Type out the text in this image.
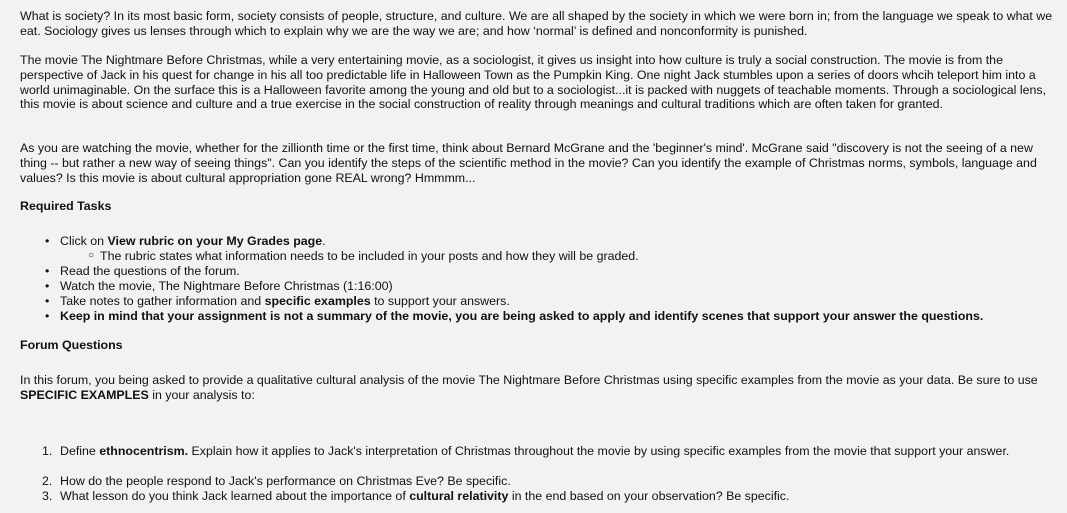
What is society? In its most basic form, society consists of people, structure, and culture. We are all shaped by the society in which we were born in; from the language we speak to what we eat. Sociology gives us lenses through which to explain why we are the way we are; and how ‘normal’ is defined and nonconformity is punished.

The movie The Nightmare Before Christmas, while a very entertaining movie, as a sociologist, it gives us insight into how culture is truly a social construction. The movie is from the perspective of Jack in his quest for change in his all too predictable life in Halloween Town as the Pumpkin King. One night Jack stumbles upon a series of doors whcih teleport him into a world unimaginable. On the surface this is a Halloween favorite among the young and old but to a sociologist...it is packed with nuggets of teachable moments. Through a sociological lens, this movie is about science and culture and a true exercise in the social construction of reality through meanings and cultural traditions which are often taken for granted.

As you are watching the movie, whether for the zillionth time or the first time, think about Bernard McGrane and the 'beginner's mind'. McGrane said "discovery is not the seeing of a new thing -- but rather a new way of seeing things". Can you identify the steps of the scientific method in the movie? Can you identify the example of Christmas norms, symbols, language and values? Is this movie is about cultural appropriation gone REAL wrong? Hmmmm...

Required Tasks

• Click on View rubric on your My Grades page.

○ The rubric states what information needs to be included in your posts and how they will be graded.

• Read the questions of the forum.

• Watch the movie, The Nightmare Before Christmas (1:16:00)

• Take notes to gather information and specific examples to support your answers.

• Keep in mind that your assignment is not a summary of the movie, you are being asked to apply and identify scenes that support your answer the questions.

Forum Questions

In this forum, you being asked to provide a qualitative cultural analysis of the movie The Nightmare Before Christmas using specific examples from the movie as your data. Be sure to use SPECIFIC EXAMPLES in your analysis to:

1. Define ethnocentrism. Explain how it applies to Jack's interpretation of Christmas throughout the movie by using specific examples from the movie that support your answer.

2. How do the people respond to Jack's performance on Christmas Eve? Be specific.

3. What lesson do you think Jack learned about the importance of cultural relativity in the end based on your observation? Be specific.
